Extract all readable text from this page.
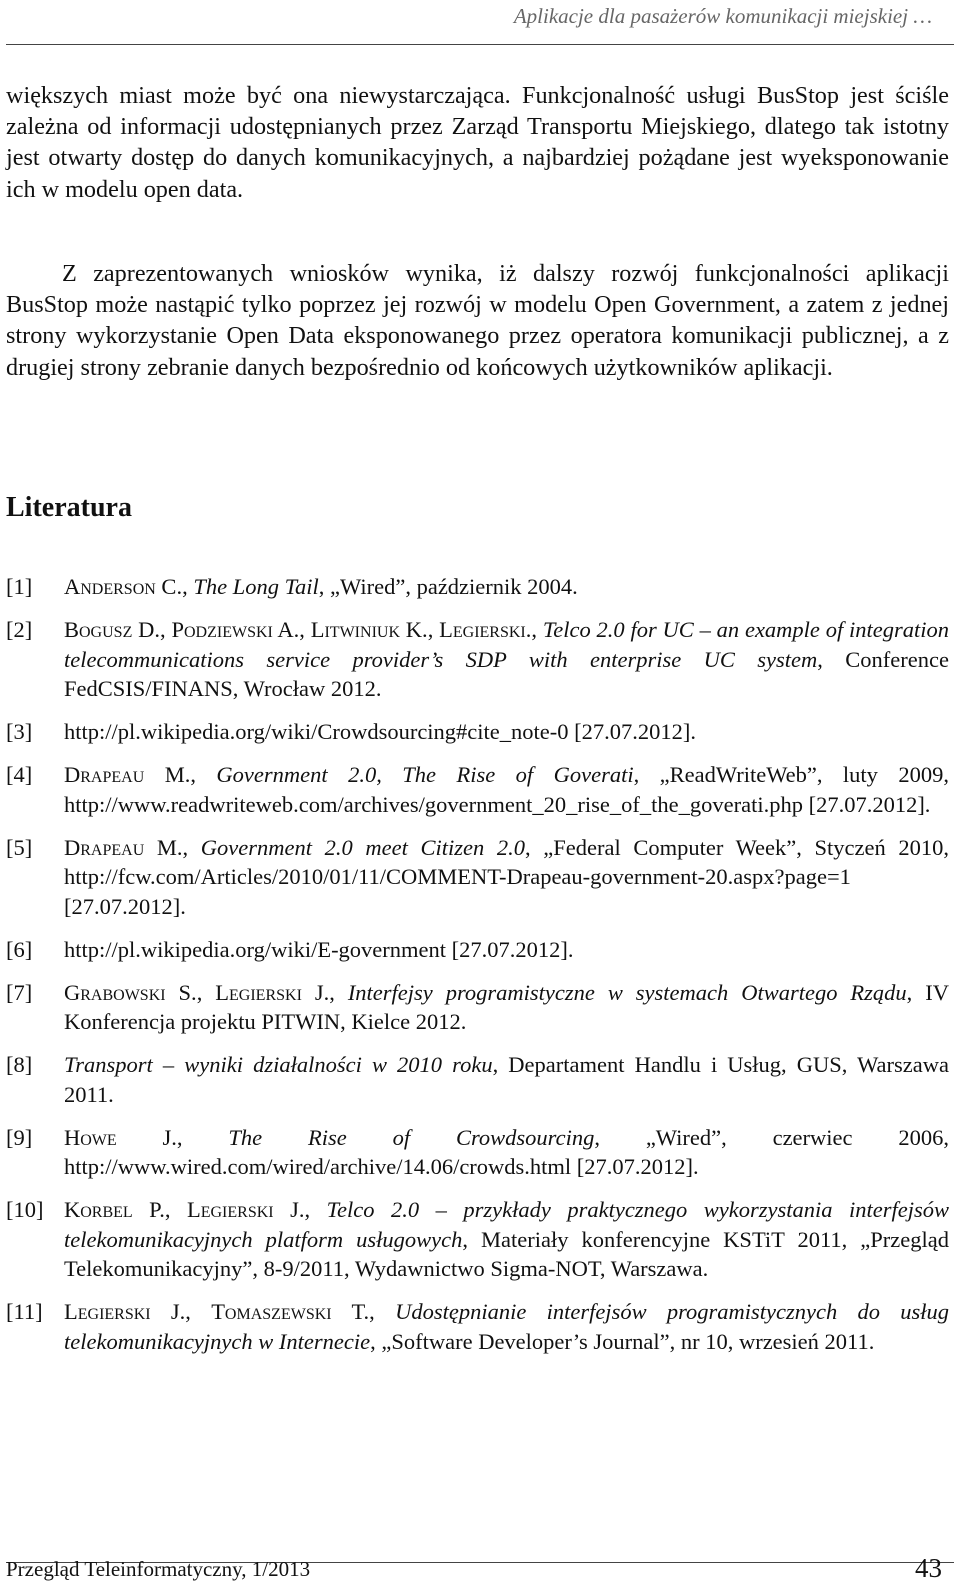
Aplikacje dla pasażerów komunikacji miejskiej …
większych miast może być ona niewystarczająca. Funkcjonalność usługi BusStop jest ściśle zależna od informacji udostępnianych przez Zarząd Transportu Miejskiego, dlatego tak istotny jest otwarty dostęp do danych komunikacyjnych, a najbardziej pożądane jest wyeksponowanie ich w modelu open data.
Z zaprezentowanych wniosków wynika, iż dalszy rozwój funkcjonalności aplikacji BusStop może nastąpić tylko poprzez jej rozwój w modelu Open Government, a zatem z jednej strony wykorzystanie Open Data eksponowanego przez operatora komunikacji publicznej, a z drugiej strony zebranie danych bezpośrednio od końcowych użytkowników aplikacji.
Literatura
[1]	Anderson C., The Long Tail, „Wired”, październik 2004.
[2]	Bogusz D., Podziewski A., Litwiniuk K., Legierski., Telco 2.0 for UC – an example of integration telecommunications service provider’s SDP with enterprise UC system, Conference FedCSIS/FINANS, Wrocław 2012.
[3]	http://pl.wikipedia.org/wiki/Crowdsourcing#cite_note-0 [27.07.2012].
[4]	Drapeau M., Government 2.0, The Rise of Goverati, „ReadWriteWeb”, luty 2009, http://www.readwriteweb.com/archives/government_20_rise_of_the_goverati.php [27.07.2012].
[5]	Drapeau M., Government 2.0 meet Citizen 2.0, „Federal Computer Week”, Styczeń 2010, http://fcw.com/Articles/2010/01/11/COMMENT-Drapeau-government-20.aspx?page=1 [27.07.2012].
[6]	http://pl.wikipedia.org/wiki/E-government [27.07.2012].
[7]	Grabowski S., Legierski J., Interfejsy programistyczne w systemach Otwartego Rządu, IV Konferencja projektu PITWIN, Kielce 2012.
[8]	Transport – wyniki działalności w 2010 roku, Departament Handlu i Usług, GUS, Warszawa 2011.
[9]	Howe J., The Rise of Crowdsourcing, „Wired”, czerwiec 2006, http://www.wired.com/wired/archive/14.06/crowds.html [27.07.2012].
[10] Korbel P., Legierski J., Telco 2.0 – przykłady praktycznego wykorzystania interfejsów telekomunikacyjnych platform usługowych, Materiały konferencyjne KSTiT 2011, „Przegląd Telekomunikacyjny”, 8-9/2011, Wydawnictwo Sigma-NOT, Warszawa.
[11] Legierski J., Tomaszewski T., Udostępnianie interfejsów programistycznych do usług telekomunikacyjnych w Internecie, „Software Developer’s Journal”, nr 10, wrzesień 2011.
Przegląd Teleinformatyczny, 1/2013	43
